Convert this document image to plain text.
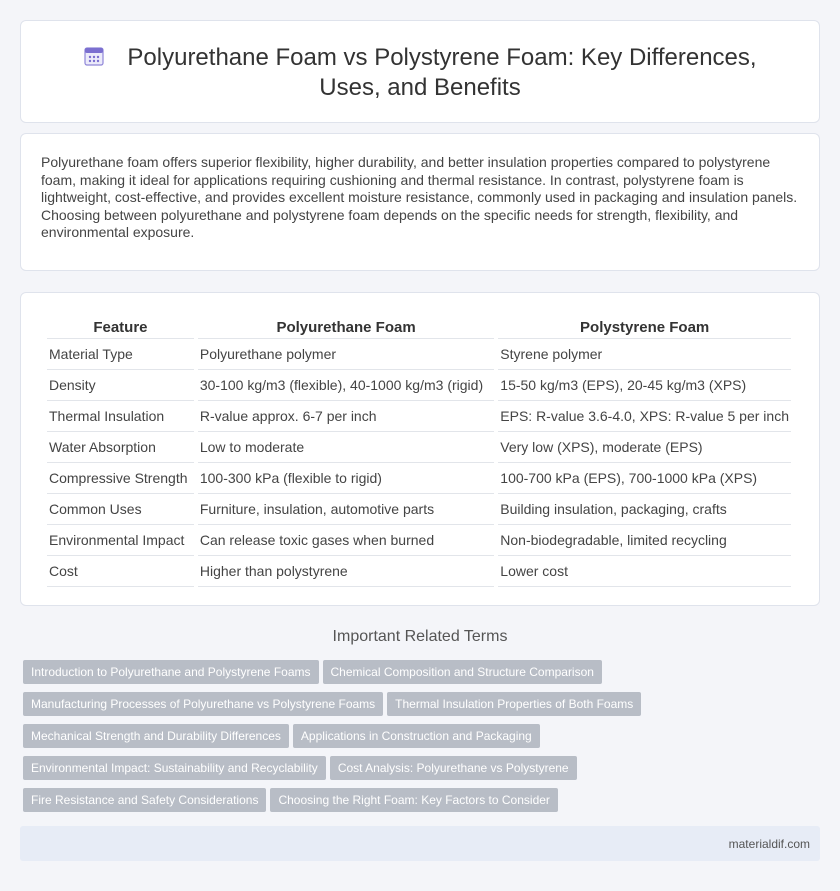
Polyurethane Foam vs Polystyrene Foam: Key Differences, Uses, and Benefits

Polyurethane foam offers superior flexibility, higher durability, and better insulation properties compared to polystyrene foam, making it ideal for applications requiring cushioning and thermal resistance. In contrast, polystyrene foam is lightweight, cost-effective, and provides excellent moisture resistance, commonly used in packaging and insulation panels. Choosing between polyurethane and polystyrene foam depends on the specific needs for strength, flexibility, and environmental exposure.

Feature	Polyurethane Foam	Polystyrene Foam
Material Type	Polyurethane polymer	Styrene polymer
Density	30-100 kg/m3 (flexible), 40-1000 kg/m3 (rigid)	15-50 kg/m3 (EPS), 20-45 kg/m3 (XPS)
Thermal Insulation	R-value approx. 6-7 per inch	EPS: R-value 3.6-4.0, XPS: R-value 5 per inch
Water Absorption	Low to moderate	Very low (XPS), moderate (EPS)
Compressive Strength	100-300 kPa (flexible to rigid)	100-700 kPa (EPS), 700-1000 kPa (XPS)
Common Uses	Furniture, insulation, automotive parts	Building insulation, packaging, crafts
Environmental Impact	Can release toxic gases when burned	Non-biodegradable, limited recycling
Cost	Higher than polystyrene	Lower cost
Important Related Terms
Introduction to Polyurethane and Polystyrene Foams Chemical Composition and Structure Comparison
Manufacturing Processes of Polyurethane vs Polystyrene Foams Thermal Insulation Properties of Both Foams
Mechanical Strength and Durability Differences Applications in Construction and Packaging
Environmental Impact: Sustainability and Recyclability Cost Analysis: Polyurethane vs Polystyrene
Fire Resistance and Safety Considerations Choosing the Right Foam: Key Factors to Consider
materialdif.com
